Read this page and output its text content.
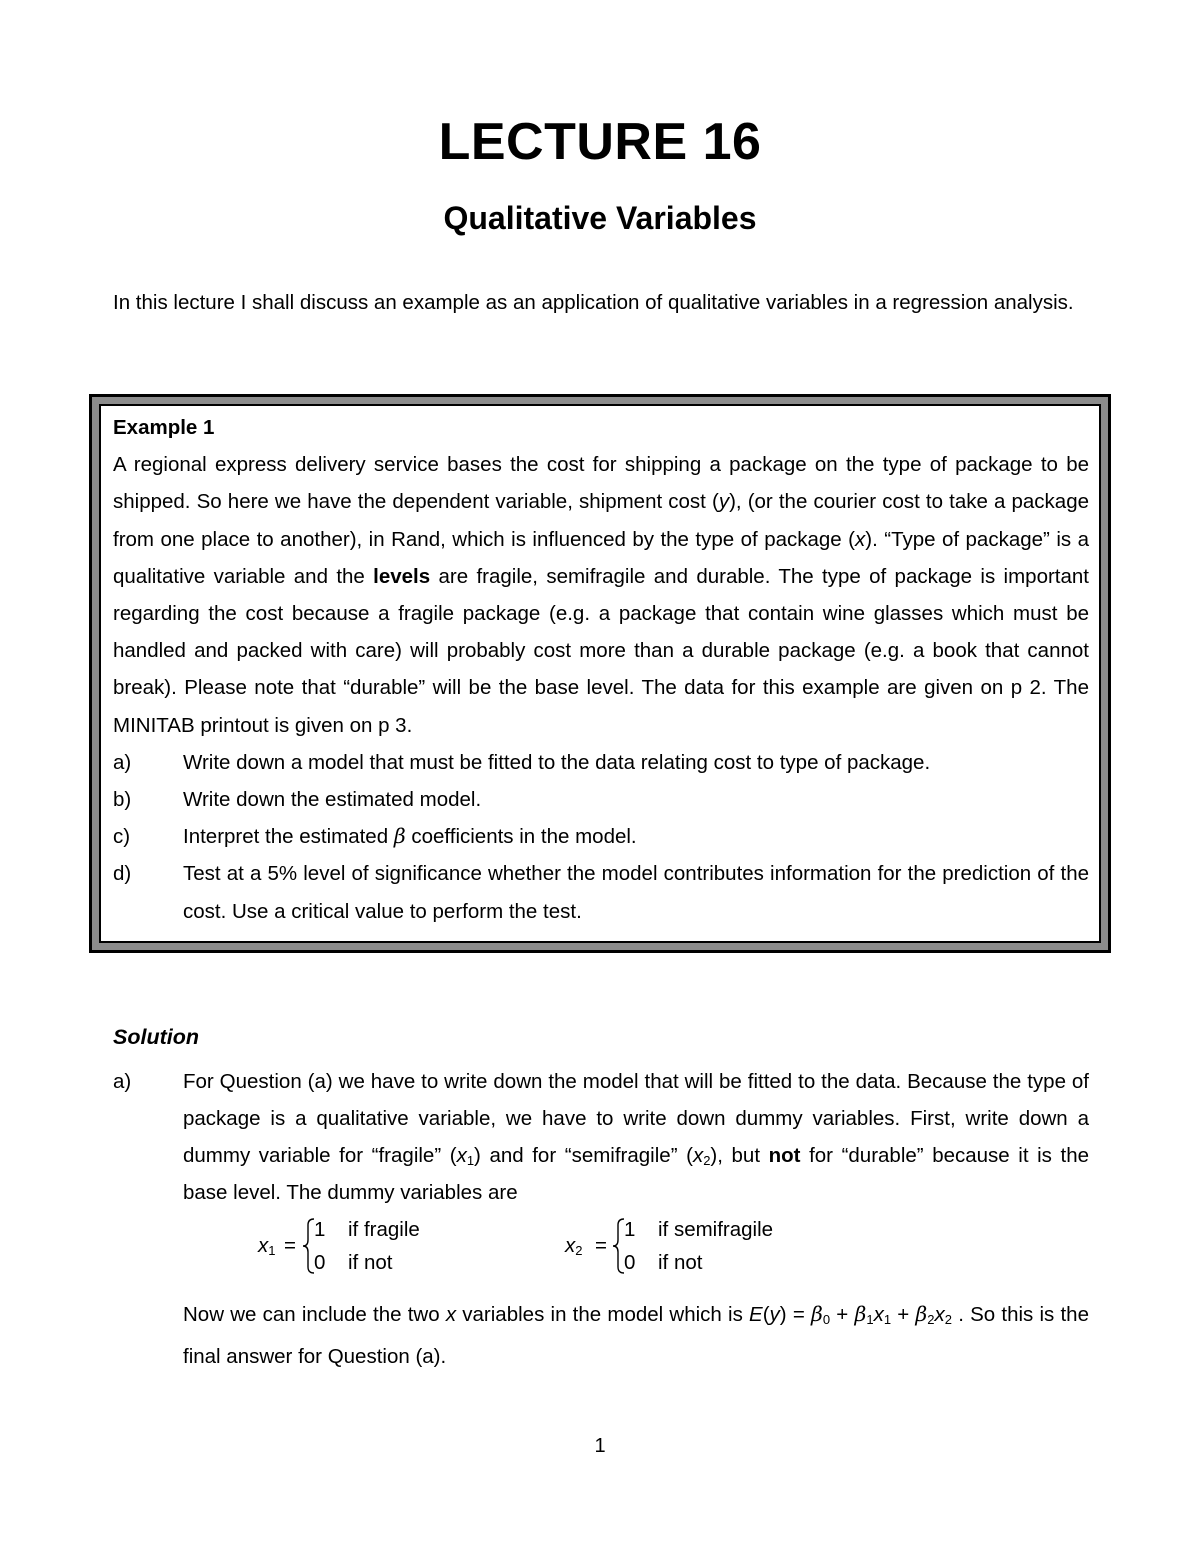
LECTURE 16
Qualitative Variables
In this lecture I shall discuss an example as an application of qualitative variables in a regression analysis.
Example 1
A regional express delivery service bases the cost for shipping a package on the type of package to be shipped. So here we have the dependent variable, shipment cost (y), (or the courier cost to take a package from one place to another), in Rand, which is influenced by the type of package (x). “Type of package” is a qualitative variable and the levels are fragile, semifragile and durable. The type of package is important regarding the cost because a fragile package (e.g. a package that contain wine glasses which must be handled and packed with care) will probably cost more than a durable package (e.g. a book that cannot break). Please note that “durable” will be the base level. The data for this example are given on p 2. The MINITAB printout is given on p 3.
a)	Write down a model that must be fitted to the data relating cost to type of package.
b)	Write down the estimated model.
c)	Interpret the estimated β coefficients in the model.
d)	Test at a 5% level of significance whether the model contributes information for the prediction of the cost. Use a critical value to perform the test.
Solution
a)	For Question (a) we have to write down the model that will be fitted to the data. Because the type of package is a qualitative variable, we have to write down dummy variables. First, write down a dummy variable for “fragile” $(x_1)$ and for “semifragile” $(x_2)$, but not for “durable” because it is the base level. The dummy variables are
$x_1$ =
1 if fragile
0 if not
$x_2$ =
1 if semifragile
0 if not
Now we can include the two x variables in the model which is $E(y) = \beta_0 + \beta_1x_1 + \beta_2x_2$ . So this is the final answer for Question (a).
1
